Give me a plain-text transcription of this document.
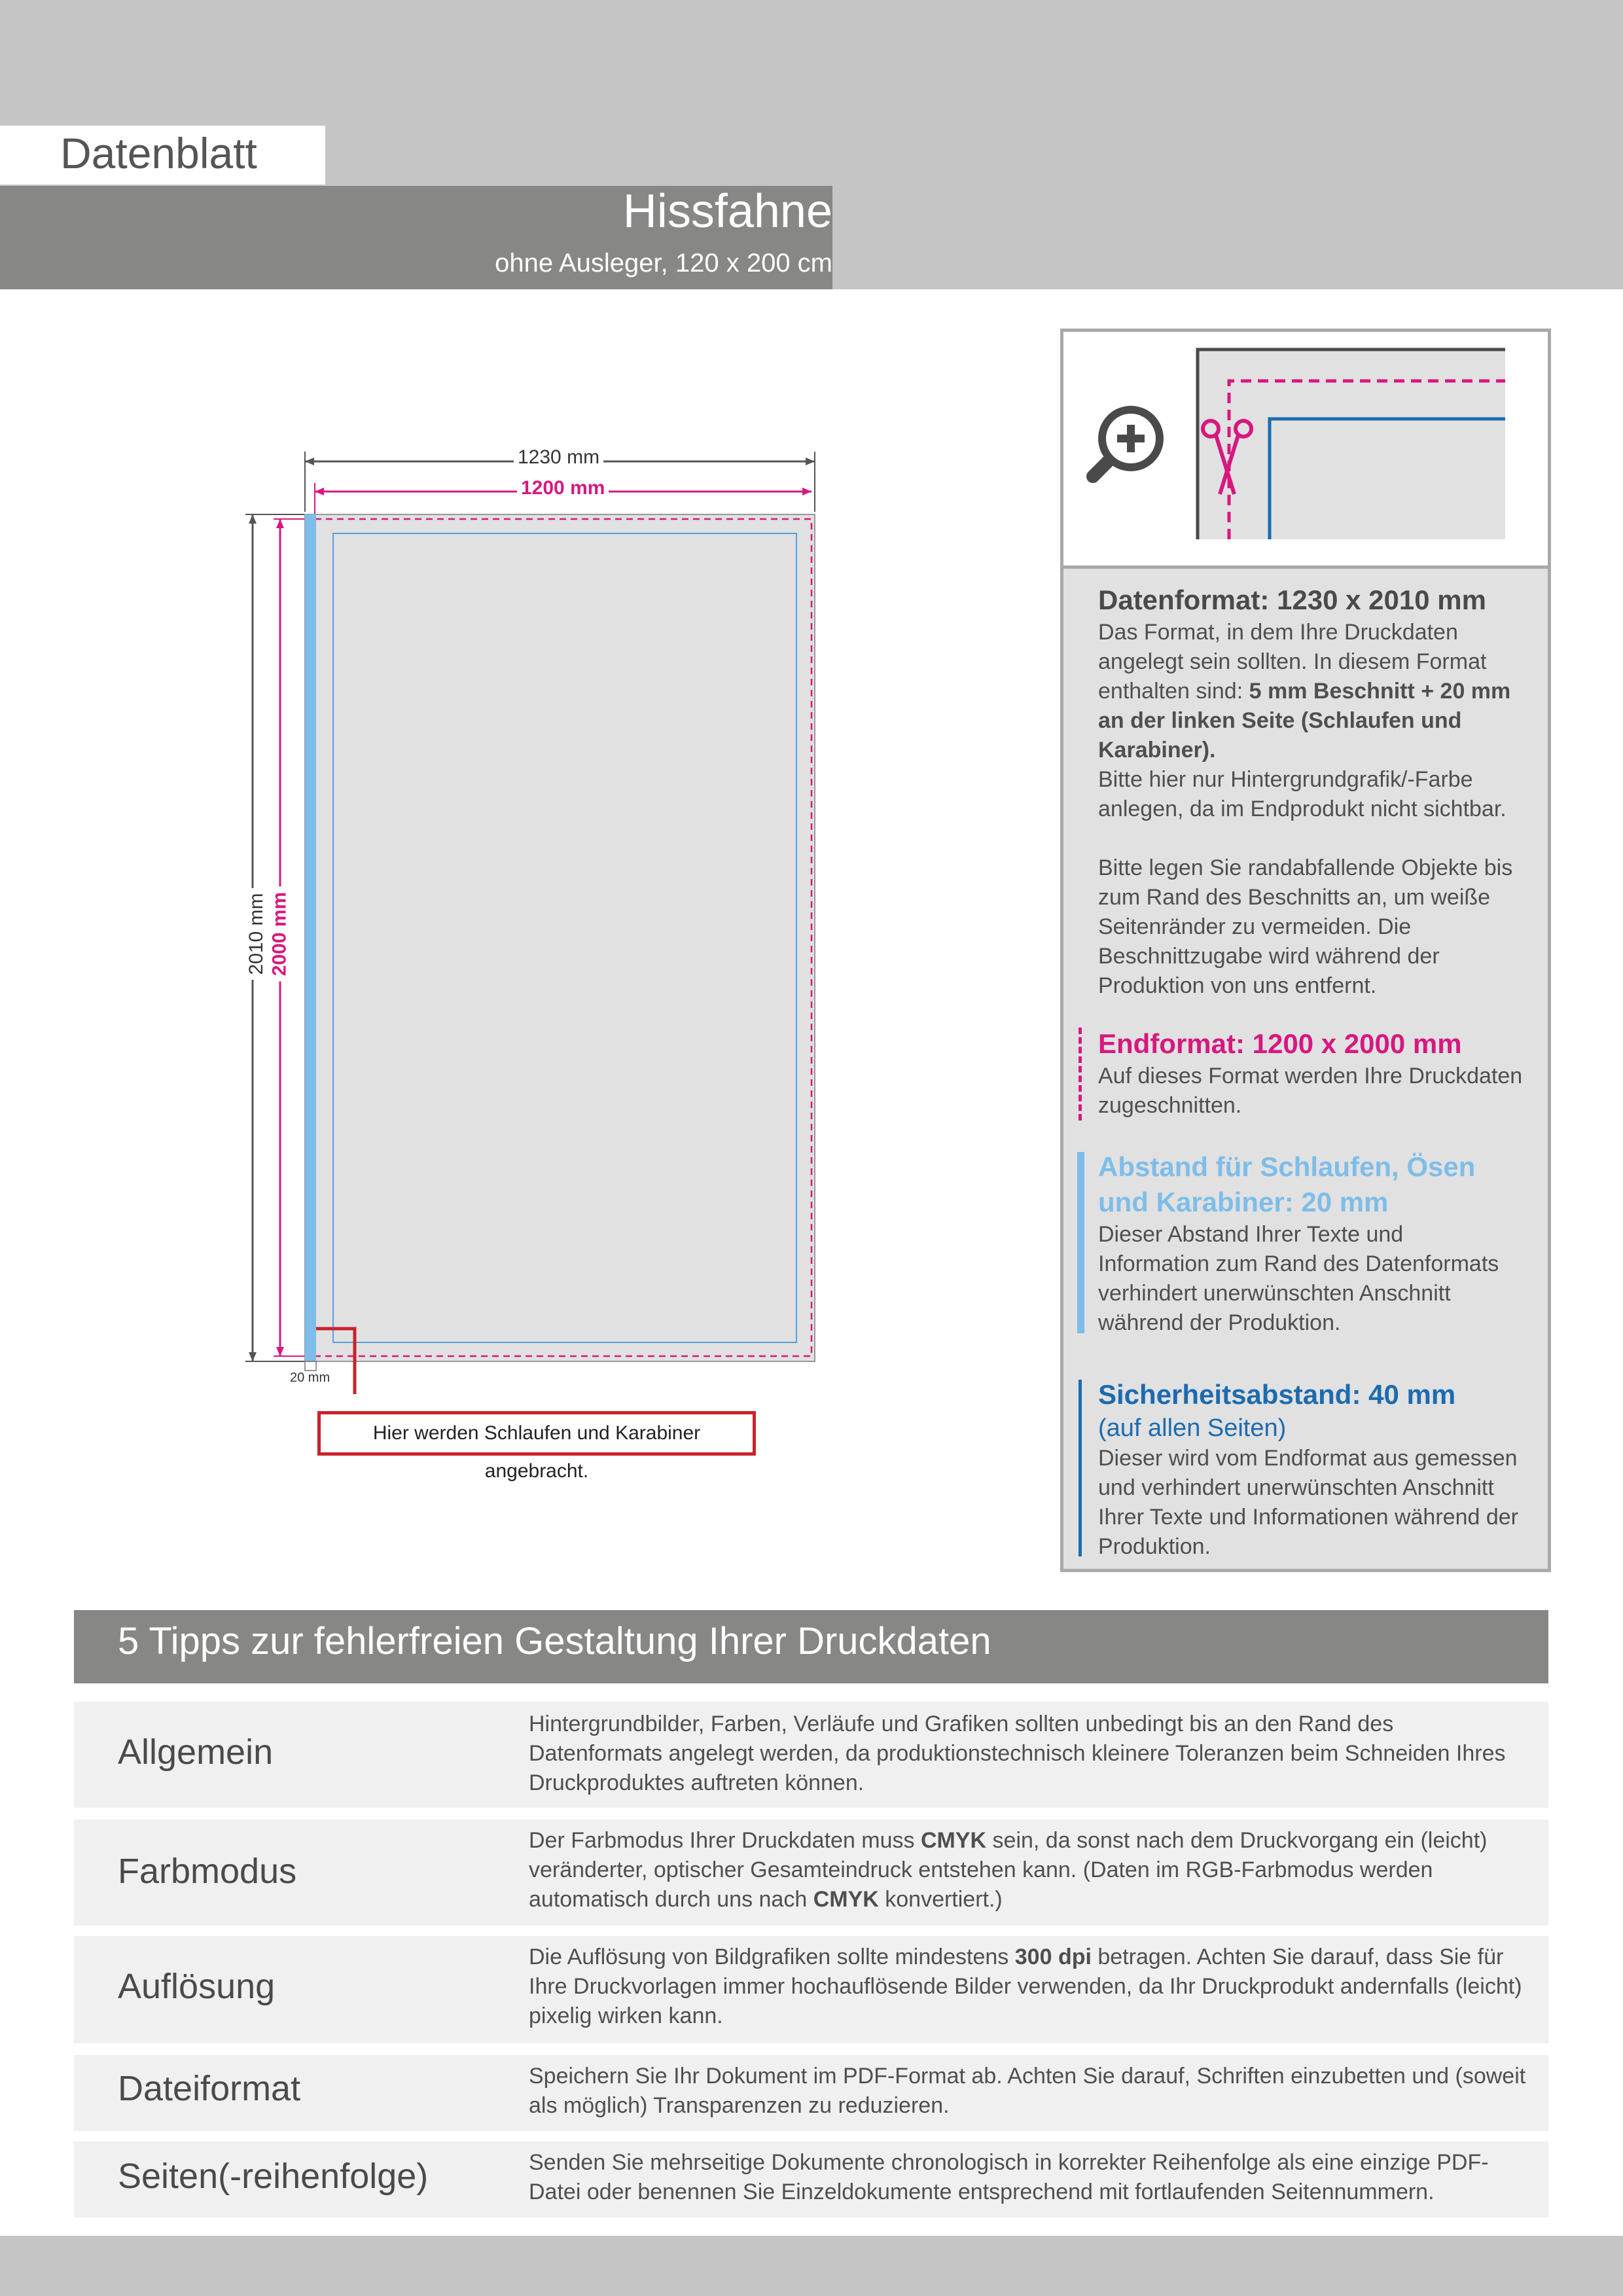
Datenblatt
Hissfahne
ohne Ausleger, 120 x 200 cm
1230 mm
1200 mm
2010 mm 2000 mm
20 mm
Hier werden Schlaufen und Karabiner angebracht.
Datenformat: 1230 x 2010 mm
Das Format, in dem Ihre Druckdaten angelegt sein sollten. In diesem Format enthalten sind: 5 mm Beschnitt + 20 mm an der linken Seite (Schlaufen und Karabiner).
Bitte hier nur Hintergrundgrafik/-Farbe anlegen, da im Endprodukt nicht sichtbar.
Bitte legen Sie randabfallende Objekte bis zum Rand des Beschnitts an, um weiße Seitenränder zu vermeiden. Die Beschnittzugabe wird während der Produktion von uns entfernt.
Endformat: 1200 x 2000 mm
Auf dieses Format werden Ihre Druckdaten zugeschnitten.
Abstand für Schlaufen, Ösen und Karabiner: 20 mm
Dieser Abstand Ihrer Texte und Information zum Rand des Datenformats verhindert unerwünschten Anschnitt während der Produktion.
Sicherheitsabstand: 40 mm
(auf allen Seiten)
Dieser wird vom Endformat aus gemessen und verhindert unerwünschten Anschnitt Ihrer Texte und Informationen während der Produktion.
5 Tipps zur fehlerfreien Gestaltung Ihrer Druckdaten
Allgemein
Hintergrundbilder, Farben, Verläufe und Grafiken sollten unbedingt bis an den Rand des Datenformats angelegt werden, da produktionstechnisch kleinere Toleranzen beim Schneiden Ihres Druckproduktes auftreten können.
Farbmodus
Der Farbmodus Ihrer Druckdaten muss CMYK sein, da sonst nach dem Druckvorgang ein (leicht) veränderter, optischer Gesamteindruck entstehen kann. (Daten im RGB-Farbmodus werden automatisch durch uns nach CMYK konvertiert.)
Auflösung
Die Auflösung von Bildgrafiken sollte mindestens 300 dpi betragen. Achten Sie darauf, dass Sie für Ihre Druckvorlagen immer hochauflösende Bilder verwenden, da Ihr Druckprodukt andernfalls (leicht) pixelig wirken kann.
Dateiformat	Speichern Sie Ihr Dokument im PDF-Format ab. Achten Sie darauf, Schriften einzubetten und (soweit als möglich) Transparenzen zu reduzieren.
Seiten(-reihenfolge)	Senden Sie mehrseitige Dokumente chronologisch in korrekter Reihenfolge als eine einzige PDF-Datei oder benennen Sie Einzeldokumente entsprechend mit fortlaufenden Seitennummern.
